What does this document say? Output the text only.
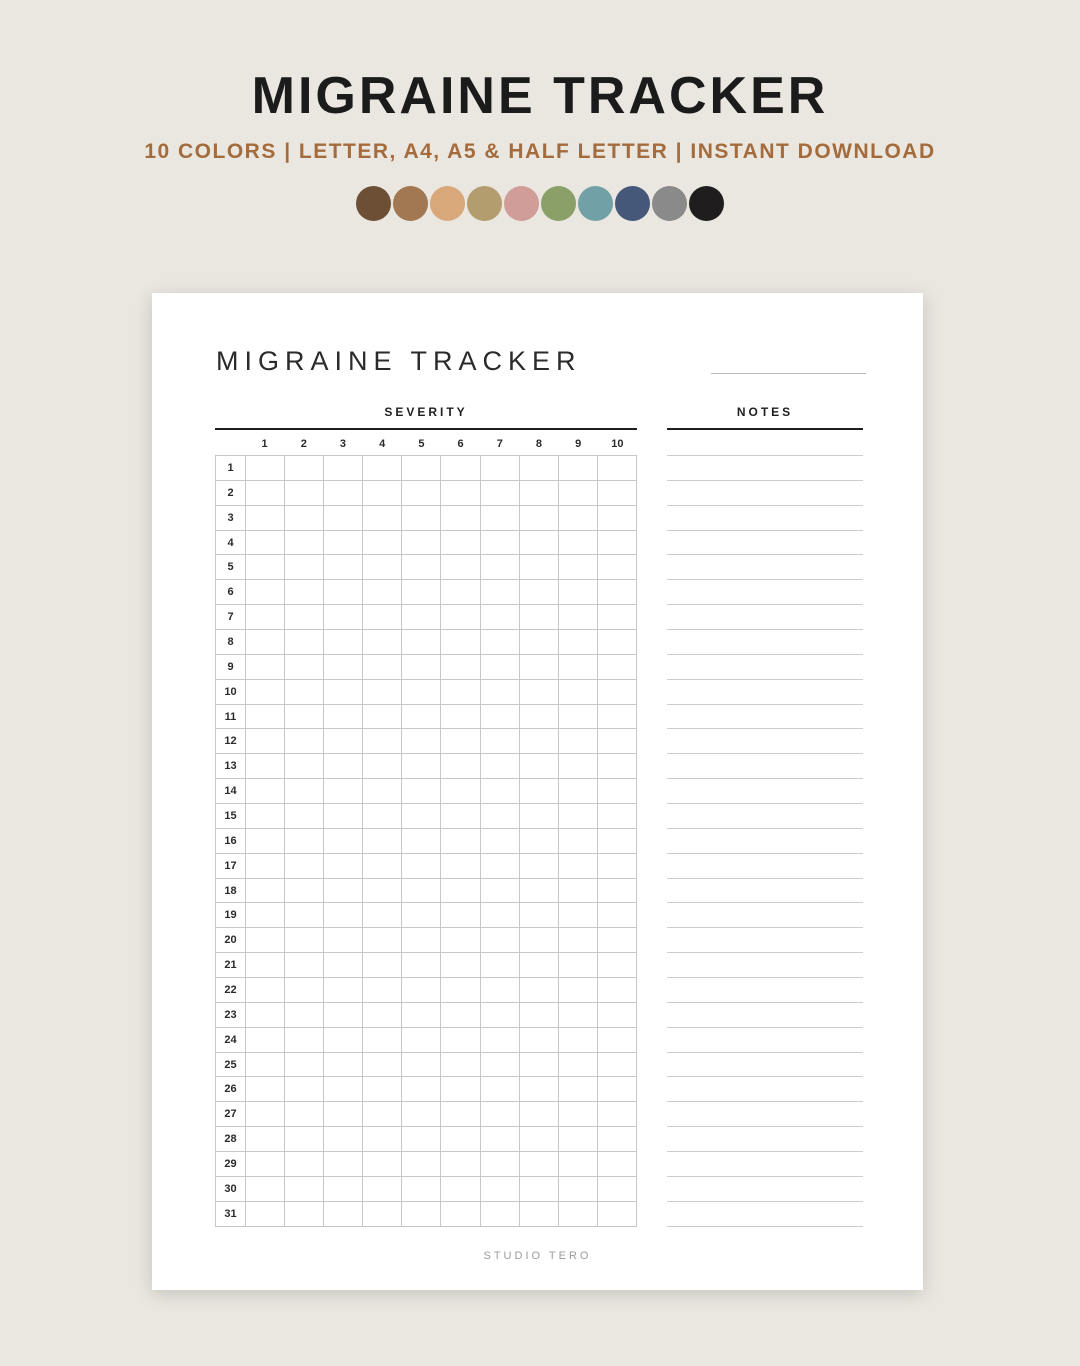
MIGRAINE TRACKER
10 COLORS | LETTER, A4, A5 & HALF LETTER | INSTANT DOWNLOAD
MIGRAINE TRACKER
SEVERITY
1	2	3	4	5	6	7	8	9	10
1
2
3
4
5
6
7
8
9
10
11
12
13
14
15
16
17
18
19
20
21
22
23
24
25
26
27
28
29
30
31
NOTES
STUDIO TERO
